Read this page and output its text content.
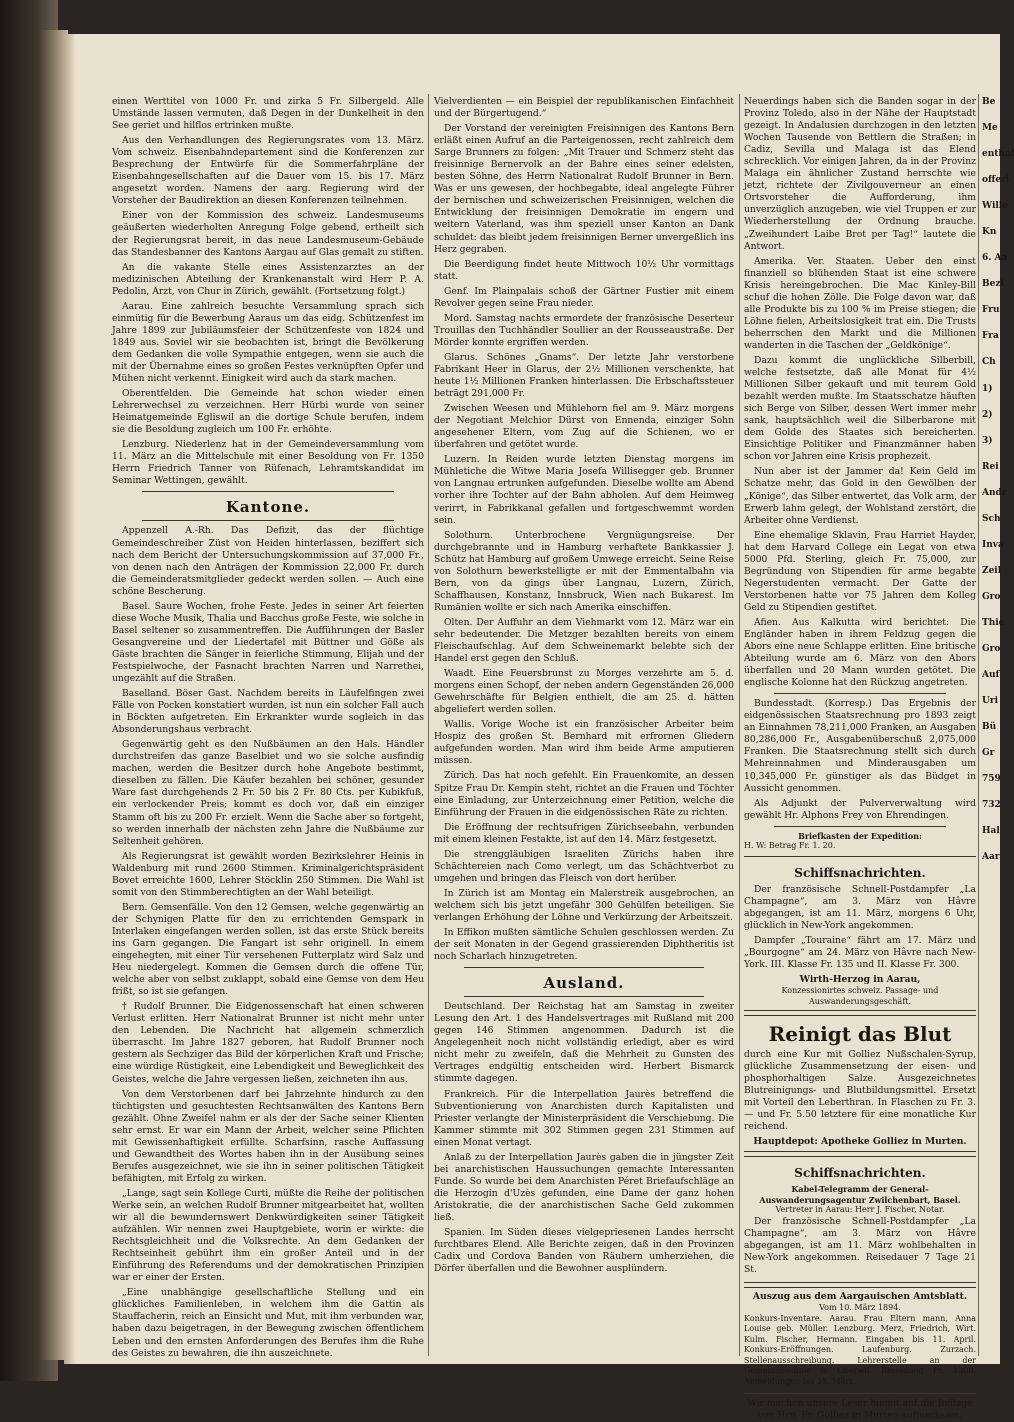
einen Werttitel von 1000 Fr. und zirka 5 Fr. Silbergeld. Alle Umstände lassen vermuten, daß Degen in der Dunkelheit in den See geriet und hilflos ertrinken mußte.

Aus den Verhandlungen des Regierungsrates vom 13. März. Vom schweiz. Eisenbahndepartement sind die Konferenzen zur Besprechung der Entwürfe für die Sommerfahrpläne der Eisenbahngesellschaften auf die Dauer vom 15. bis 17. März angesetzt worden. Namens der aarg. Regierung wird der Vorsteher der Baudirektion an diesen Konferenzen teilnehmen.

Einer von der Kommission des schweiz. Landesmuseums geäußerten wiederholten Anregung Folge gebend, ertheilt sich der Regierungsrat bereit, in das neue Landesmuseum-Gebäude das Standesbanner des Kantons Aargau auf Glas gemalt zu stiften.

An die vakante Stelle eines Assistenzarztes an der medizinischen Abteilung der Krankenanstalt wird Herr P. A. Pedolin, Arzt, von Chur in Zürich, gewählt. (Fortsetzung folgt.)

Aarau. Eine zahlreich besuchte Versammlung sprach sich einmütig für die Bewerbung Aaraus um das eidg. Schützenfest im Jahre 1899 zur Jubiläumsfeier der Schützenfeste von 1824 und 1849 aus. Soviel wir sie beobachten ist, bringt die Bevölkerung dem Gedanken die volle Sympathie entgegen, wenn sie auch die mit der Übernahme eines so großen Festes verknüpften Opfer und Mühen nicht verkennt. Einigkeit wird auch da stark machen.

Oberentfelden. Die Gemeinde hat schon wieder einen Lehrerwechsel zu verzeichnen. Herr Hürbi wurde von seiner Heimatgemeinde Egliswil an die dortige Schule berufen, indem sie die Besoldung zugleich um 100 Fr. erhöhte.

Lenzburg. Niederlenz hat in der Gemeindeversammlung vom 11. März an die Mittelschule mit einer Besoldung von Fr. 1350 Herrn Friedrich Tanner von Rüfenach, Lehramtskandidat im Seminar Wettingen, gewählt.

Kantone.

Appenzell A.-Rh. Das Defizit, das der flüchtige Gemeindeschreiber Züst von Heiden hinterlassen, beziffert sich nach dem Bericht der Untersuchungskommission auf 37,000 Fr., von denen nach den Anträgen der Kommission 22,000 Fr. durch die Gemeinderatsmitglieder gedeckt werden sollen. — Auch eine schöne Bescherung.

Basel. Saure Wochen, frohe Feste. Jedes in seiner Art feierten diese Woche Musik, Thalia und Bacchus große Feste, wie solche in Basel seltener so zusammentreffen. Die Aufführungen der Basler Gesangvereine und der Liedertafel mit Büttner und Göße als Gäste brachten die Sänger in feierliche Stimmung, Elijah und der Festspielwoche, der Fasnacht brachten Narren und Narrethei, ungezählt auf die Straßen.

Baselland. Böser Gast. Nachdem bereits in Läufelfingen zwei Fälle von Pocken konstatiert wurden, ist nun ein solcher Fall auch in Böckten aufgetreten. Ein Erkrankter wurde sogleich in das Absonderungshaus verbracht.

Gegenwärtig geht es den Nußbäumen an den Hals. Händler durchstreifen das ganze Baselbiet und wo sie solche ausfindig machen, werden die Besitzer durch hohe Angebote bestimmt, dieselben zu fällen. Die Käufer bezahlen bei schöner, gesunder Ware fast durchgehends 2 Fr. 50 bis 2 Fr. 80 Cts. per Kubikfuß, ein verlockender Preis; kommt es doch vor, daß ein einziger Stamm oft bis zu 200 Fr. erzielt. Wenn die Sache aber so fortgeht, so werden innerhalb der nächsten zehn Jahre die Nußbäume zur Seltenheit gehören.

Als Regierungsrat ist gewählt worden Bezirkslehrer Heinis in Waldenburg mit rund 2600 Stimmen. Kriminalgerichtspräsident Bovet erreichte 1600, Lehrer Stöcklin 250 Stimmen. Die Wahl ist somit von den Stimmberechtigten an der Wahl beteiligt.

Bern. Gemsenfälle. Von den 12 Gemsen, welche gegenwärtig an der Schynigen Platte für den zu errichtenden Gemspark in Interlaken eingefangen werden sollen, ist das erste Stück bereits ins Garn gegangen. Die Fangart ist sehr originell. In einem eingehegten, mit einer Tür versehenen Futterplatz wird Salz und Heu niedergelegt. Kommen die Gemsen durch die offene Tür, welche aber von selbst zuklappt, sobald eine Gemse von dem Heu frißt, so ist sie gefangen.

† Rudolf Brunner. Die Eidgenossenschaft hat einen schweren Verlust erlitten. Herr Nationalrat Brunner ist nicht mehr unter den Lebenden. Die Nachricht hat allgemein schmerzlich überrascht. Im Jahre 1827 geboren, hat Rudolf Brunner noch gestern als Sechziger das Bild der körperlichen Kraft und Frische; eine würdige Rüstigkeit, eine Lebendigkeit und Beweglichkeit des Geistes, welche die Jahre vergessen ließen, zeichneten ihn aus.

Von dem Verstorbenen darf bei Jahrzehnte hindurch zu den tüchtigsten und gesuchtesten Rechtsanwälten des Kantons Bern gezählt. Ohne Zweifel nahm er als der der Sache seiner Klienten sehr ernst. Er war ein Mann der Arbeit, welcher seine Pflichten mit Gewissenhaftigkeit erfüllte. Scharfsinn, rasche Auffassung und Gewandtheit des Wortes haben ihn in der Ausübung seines Berufes ausgezeichnet, wie sie ihn in seiner politischen Tätigkeit befähigten, mit Erfolg zu wirken.

„Lange, sagt sein Kollege Curti, müßte die Reihe der politischen Werke sein, an welchen Rudolf Brunner mitgearbeitet hat, wollten wir all die bewundernswert Denkwürdigkeiten seiner Tätigkeit aufzählen. Wir nennen zwei Hauptgebiete, worin er wirkte: die Rechtsgleichheit und die Volksrechte. An dem Gedanken der Rechtseinheit gebührt ihm ein großer Anteil und in der Einführung des Referendums und der demokratischen Prinzipien war er einer der Ersten.

„Eine unabhängige gesellschaftliche Stellung und ein glückliches Familienleben, in welchem ihm die Gattin als Stauffacherin, reich an Einsicht und Mut, mit ihm verbunden war, haben dazu beigetragen, in der Bewegung zwischen öffentlichem Leben und den ernsten Anforderungen des Berufes ihm die Ruhe des Geistes zu bewahren, die ihn auszeichnete.

Vielverdienten — ein Beispiel der republikanischen Einfachheit und der Bürgertugend.“

Der Vorstand der vereinigten Freisinnigen des Kantons Bern erläßt einen Aufruf an die Parteigenossen, recht zahlreich dem Sarge Brunners zu folgen: „Mit Trauer und Schmerz steht das freisinnige Bernervolk an der Bahre eines seiner edelsten, besten Söhne, des Herrn Nationalrat Rudolf Brunner in Bern. Was er uns gewesen, der hochbegabte, ideal angelegte Führer der bernischen und schweizerischen Freisinnigen, welchen die Entwicklung der freisinnigen Demokratie im engern und weitern Vaterland, was ihm speziell unser Kanton an Dank schuldet: das bleibt jedem freisinnigen Berner unvergeßlich ins Herz gegraben.

Die Beerdigung findet heute Mittwoch 10½ Uhr vormittags statt.

Genf. Im Plainpalais schoß der Gärtner Fustier mit einem Revolver gegen seine Frau nieder.

Mord. Samstag nachts ermordete der französische Deserteur Trouillas den Tuchhändler Soullier an der Rousseaustraße. Der Mörder konnte ergriffen werden.

Glarus. Schönes „Gnams“. Der letzte Jahr verstorbene Fabrikant Heer in Glarus, der 2½ Millionen verschenkte, hat heute 1½ Millionen Franken hinterlassen. Die Erbschaftssteuer beträgt 291,000 Fr.

Zwischen Weesen und Mühlehorn fiel am 9. März morgens der Negotiant Melchior Dürst von Ennenda, einziger Sohn angesehener Eltern, vom Zug auf die Schienen, wo er überfahren und getötet wurde.

Luzern. In Reiden wurde letzten Dienstag morgens im Mühletiche die Witwe Maria Josefa Willisegger geb. Brunner von Langnau ertrunken aufgefunden. Dieselbe wollte am Abend vorher ihre Tochter auf der Bahn abholen. Auf dem Heimweg verirrt, in Fabrikkanal gefallen und fortgeschwemmt worden sein.

Solothurn. Unterbrochene Vergnügungsreise. Der durchgebrannte und in Hamburg verhaftete Bankkassier J. Schütz hat Hamburg auf großem Umwege erreicht. Seine Reise von Solothurn bewerkstelligte er mit der Emmentalbahn via Bern, von da gings über Langnau, Luzern, Zürich, Schaffhausen, Konstanz, Innsbruck, Wien nach Bukarest. Im Rumänien wollte er sich nach Amerika einschiffen.

Olten. Der Auffuhr an dem Viehmarkt vom 12. März war ein sehr bedeutender. Die Metzger bezahlten bereits von einem Fleischaufschlag. Auf dem Schweinemarkt belebte sich der Handel erst gegen den Schluß.

Waadt. Eine Feuersbrunst zu Morges verzehrte am 5. d. morgens einen Schopf, der neben andern Gegenständen 26,000 Gewehrschäfte für Belgien enthielt, die am 25. d. hätten abgeliefert werden sollen.

Wallis. Vorige Woche ist ein französischer Arbeiter beim Hospiz des großen St. Bernhard mit erfrornen Gliedern aufgefunden worden. Man wird ihm beide Arme amputieren müssen.

Zürich. Das hat noch gefehlt. Ein Frauenkomite, an dessen Spitze Frau Dr. Kempin steht, richtet an die Frauen und Töchter eine Einladung, zur Unterzeichnung einer Petition, welche die Einführung der Frauen in die eidgenössischen Räte zu richten.

Die Eröffnung der rechtsufrigen Zürichseebahn, verbunden mit einem kleinen Festakte, ist auf den 14. März festgesetzt.

Die strenggläubigen Israeliten Zürichs haben ihre Schächtereien nach Como verlegt, um das Schächtverbot zu umgehen und bringen das Fleisch von dort herüber.

In Zürich ist am Montag ein Malerstreik ausgebrochen, an welchem sich bis jetzt ungefähr 300 Gehülfen beteiligen. Sie verlangen Erhöhung der Löhne und Verkürzung der Arbeitszeit.

In Effikon mußten sämtliche Schulen geschlossen werden. Zu der seit Monaten in der Gegend grassierenden Diphtheritis ist noch Scharlach hinzugetreten.

Ausland.

Deutschland. Der Reichstag hat am Samstag in zweiter Lesung den Art. 1 des Handelsvertrages mit Rußland mit 200 gegen 146 Stimmen angenommen. Dadurch ist die Angelegenheit noch nicht vollständig erledigt, aber es wird nicht mehr zu zweifeln, daß die Mehrheit zu Gunsten des Vertrages endgültig entscheiden wird. Herbert Bismarck stimmte dagegen.

Frankreich. Für die Interpellation Jaurès betreffend die Subventionierung von Anarchisten durch Kapitalisten und Priester verlangte der Ministerpräsident die Verschiebung. Die Kammer stimmte mit 302 Stimmen gegen 231 Stimmen auf einen Monat vertagt.

Anlaß zu der Interpellation Jaurès gaben die in jüngster Zeit bei anarchistischen Haussuchungen gemachte Interessanten Funde. So wurde bei dem Anarchisten Péret Briefaufschläge an die Herzogin d'Uzès gefunden, eine Dame der ganz hohen Aristokratie, die der anarchistischen Sache Geld zukommen ließ.

Spanien. Im Süden dieses vielgepriesenen Landes herrscht furchtbares Elend. Alle Berichte zeigen, daß in den Provinzen Cadix und Cordova Banden von Räubern umherziehen, die Dörfer überfallen und die Bewohner ausplündern.

Neuerdings haben sich die Banden sogar in der Provinz Toledo, also in der Nähe der Hauptstadt gezeigt. In Andalusien durchzogen in den letzten Wochen Tausende von Bettlern die Straßen; in Cadiz, Sevilla und Malaga ist das Elend schrecklich. Vor einigen Jahren, da in der Provinz Malaga ein ähnlicher Zustand herrschte wie jetzt, richtete der Zivilgouverneur an einen Ortsvorsteher die Aufforderung, ihm unverzüglich anzugeben, wie viel Truppen er zur Wiederherstellung der Ordnung brauche. „Zweihundert Laibe Brot per Tag!“ lautete die Antwort.

Amerika. Ver. Staaten. Ueber den einst finanziell so blühenden Staat ist eine schwere Krisis hereingebrochen. Die Mac Kinley-Bill schuf die hohen Zölle. Die Folge davon war, daß alle Produkte bis zu 100 % im Preise stiegen; die Löhne fielen, Arbeitslosigkeit trat ein. Die Trusts beherrschen den Markt und die Millionen wanderten in die Taschen der „Geldkönige“.

Dazu kommt die unglückliche Silberbill, welche festsetzte, daß alle Monat für 4½ Millionen Silber gekauft und mit teurem Gold bezahlt werden mußte. Im Staatsschatze häuften sich Berge von Silber, dessen Wert immer mehr sank, hauptsächlich weil die Silberbarone mit dem Golde des Staates sich bereicherten. Einsichtige Politiker und Finanzmänner haben schon vor Jahren eine Krisis prophezeit.

Nun aber ist der Jammer da! Kein Geld im Schatze mehr, das Gold in den Gewölben der „Könige“, das Silber entwertet, das Volk arm, der Erwerb lahm gelegt, der Wohlstand zerstört, die Arbeiter ohne Verdienst.

Eine ehemalige Sklavin, Frau Harriet Hayder, hat dem Harvard College ein Legat von etwa 5000 Pfd. Sterling, gleich Fr. 75,000, zur Begründung von Stipendien für arme begabte Negerstudenten vermacht. Der Gatte der Verstorbenen hatte vor 75 Jahren dem Kolleg Geld zu Stipendien gestiftet.

Afien. Aus Kalkutta wird berichtet: Die Engländer haben in ihrem Feldzug gegen die Abors eine neue Schlappe erlitten. Eine britische Abteilung wurde am 6. März von den Abors überfallen und 20 Mann wurden getötet. Die englische Kolonne hat den Rückzug angetreten.

Bundesstadt. (Korresp.) Das Ergebnis der eidgenössischen Staatsrechnung pro 1893 zeigt an Einnahmen 78,211,000 Franken, an Ausgaben 80,286,000 Fr., Ausgabenüberschuß 2,075,000 Franken. Die Staatsrechnung stellt sich durch Mehreinnahmen und Minderausgaben um 10,345,000 Fr. günstiger als das Büdget in Aussicht genommen.

Als Adjunkt der Pulververwaltung wird gewählt Hr. Alphons Frey von Ehrendingen.

Briefkasten der Expedition:
H. W: Betrag Fr. 1. 20.
Schiffsnachrichten.

Der französische Schnell-Postdampfer „La Champagne“, am 3. März von Hâvre abgegangen, ist am 11. März, morgens 6 Uhr, glücklich in New-York angekommen.

Dampfer „Touraine“ fährt am 17. März und „Bourgogne“ am 24. März von Hâvre nach New-York. III. Klasse Fr. 135 und II. Klasse Fr. 300.

Wirth-Herzog in Aarau,
Konzessionirtes schweiz. Passage- und Auswanderungsgeschäft.
Reinigt das Blut

durch eine Kur mit Golliez Nußschalen-Syrup, glückliche Zusammensetzung der eisen- und phosphorhaltigen Salze. Ausgezeichnetes Blutreinigungs- und Blutbildungsmittel. Ersetzt mit Vorteil den Leberthran. In Flaschen zu Fr. 3. — und Fr. 5.50 letztere für eine monatliche Kur reichend.

Hauptdepot: Apotheke Golliez in Murten.
Schiffsnachrichten.
Kabel-Telegramm der General-Auswanderungsagentur Zwilchenbart, Basel.
Vertreter in Aarau: Herr J. Fischer, Notar.

Der französische Schnell-Postdampfer „La Champagne“, am 3. März von Hâvre abgegangen, ist am 11. März wohlbehalten in New-York angekommen. Reisedauer 7 Tage 21 St.

Auszug aus dem Aargauischen Amtsblatt.
Vom 10. März 1894.

Konkurs-Inventare. Aarau. Frau Eltern mann, Anna Louise geb. Müller. Lenzburg. Merz, Friedrich, Wirt. Kulm. Fischer, Hermann. Eingaben bis 11. April. Konkurs-Eröffnungen. Laufenburg. Zurzach. Stellenausschreibung. Lehrerstelle an der Gemeindeschule in Oberwil. Besoldung Fr. 1300. Anmeldungen bis 25. März.

Wir machen unsere Leser hiemit auf die Beilage von Hrn. Fr. Golliez in Murten aufmerksam.
Be
Me
enthal
offeri
Wille
Kn
6. Aa
Bezi
Fru
Fra
Ch
1)
2)
3)
Rei
Andr
Sch
Inva
Zeil
Gro
Thie
Gro
Auf
Uri
Bü
Gr
759
732
Hal
Aar
